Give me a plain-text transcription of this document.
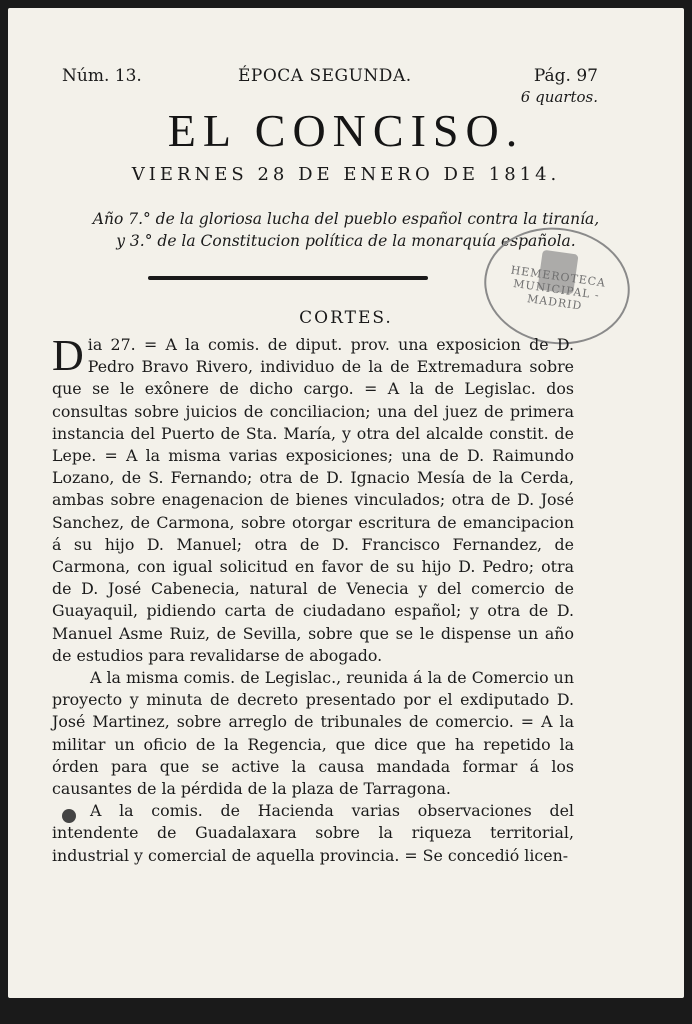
Núm. 13.	ÉPOCA SEGUNDA.	Pág. 97
6 quartos.
EL CONCISO.
VIERNES 28 DE ENERO DE 1814.
Año 7.° de la gloriosa lucha del pueblo español contra la tiranía,
y 3.° de la Constitucion política de la monarquía española.
HEMEROTECA MUNICIPAL - MADRID
CORTES.

Dia 27. = A la comis. de diput. prov. una exposicion de D. Pedro Bravo Rivero, individuo de la de Extremadura sobre que se le exônere de dicho cargo. = A la de Legislac. dos consultas sobre juicios de conciliacion; una del juez de primera instancia del Puerto de Sta. María, y otra del alcalde constit. de Lepe. = A la misma varias exposiciones; una de D. Raimundo Lozano, de S. Fernando; otra de D. Ignacio Mesía de la Cerda, ambas sobre enagenacion de bienes vinculados; otra de D. José Sanchez, de Carmona, sobre otorgar escritura de emancipacion á su hijo D. Manuel; otra de D. Francisco Fernandez, de Carmona, con igual solicitud en favor de su hijo D. Pedro; otra de D. José Cabenecia, natural de Venecia y del comercio de Guayaquil, pidiendo carta de ciudadano español; y otra de D. Manuel Asme Ruiz, de Sevilla, sobre que se le dispense un año de estudios para revalidarse de abogado.

A la misma comis. de Legislac., reunida á la de Comercio un proyecto y minuta de decreto presentado por el exdiputado D. José Martinez, sobre arreglo de tribunales de comercio. = A la militar un oficio de la Regencia, que dice que ha repetido la órden para que se active la causa mandada formar á los causantes de la pérdida de la plaza de Tarragona.

A la comis. de Hacienda varias observaciones del intendente de Guadalaxara sobre la riqueza territorial, industrial y comercial de aquella provincia. = Se concedió licen-
